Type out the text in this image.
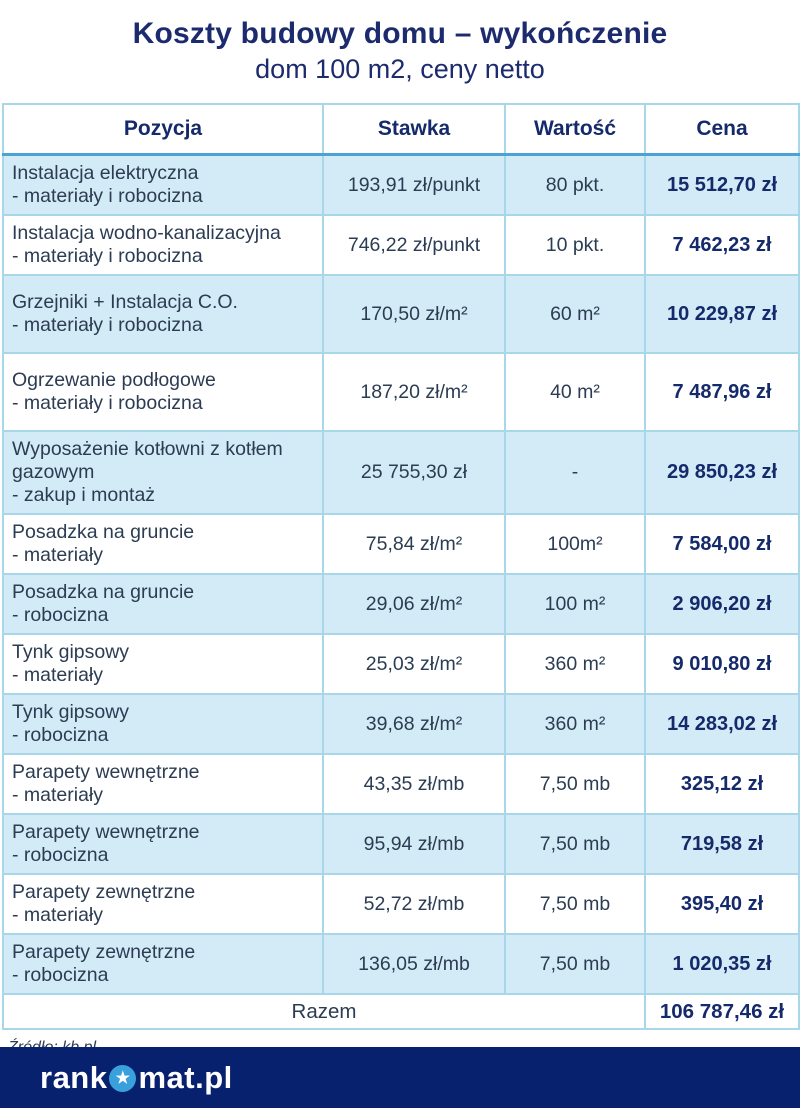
Koszty budowy domu – wykończenie
dom 100 m2, ceny netto
Pozycja	Stawka	Wartość	Cena

Instalacja elektryczna
- materiały i robocizna	193,91 zł/punkt	80 pkt.	15 512,70 zł

Instalacja wodno-kanalizacyjna
- materiały i robocizna	746,22 zł/punkt	10 pkt.	7 462,23 zł

Grzejniki + Instalacja C.O.
- materiały i robocizna	170,50 zł/m²	60 m²	10 229,87 zł

Ogrzewanie podłogowe
- materiały i robocizna	187,20 zł/m²	40 m²	7 487,96 zł

Wyposażenie kotłowni z kotłem gazowym
- zakup i montaż	25 755,30 zł	-	29 850,23 zł

Posadzka na gruncie
- materiały	75,84 zł/m²	100m²	7 584,00 zł

Posadzka na gruncie
- robocizna	29,06 zł/m²	100 m²	2 906,20 zł

Tynk gipsowy
- materiały	25,03 zł/m²	360 m²	9 010,80 zł

Tynk gipsowy
- robocizna	39,68 zł/m²	360 m²	14 283,02 zł

Parapety wewnętrzne
- materiały	43,35 zł/mb	7,50 mb	325,12 zł

Parapety wewnętrzne
- robocizna	95,94 zł/mb	7,50 mb	719,58 zł

Parapety zewnętrzne
- materiały	52,72 zł/mb	7,50 mb	395,40 zł

Parapety zewnętrzne
- robocizna	136,05 zł/mb	7,50 mb	1 020,35 zł
Razem			106 787,46 zł
rank ★ mat.pl
